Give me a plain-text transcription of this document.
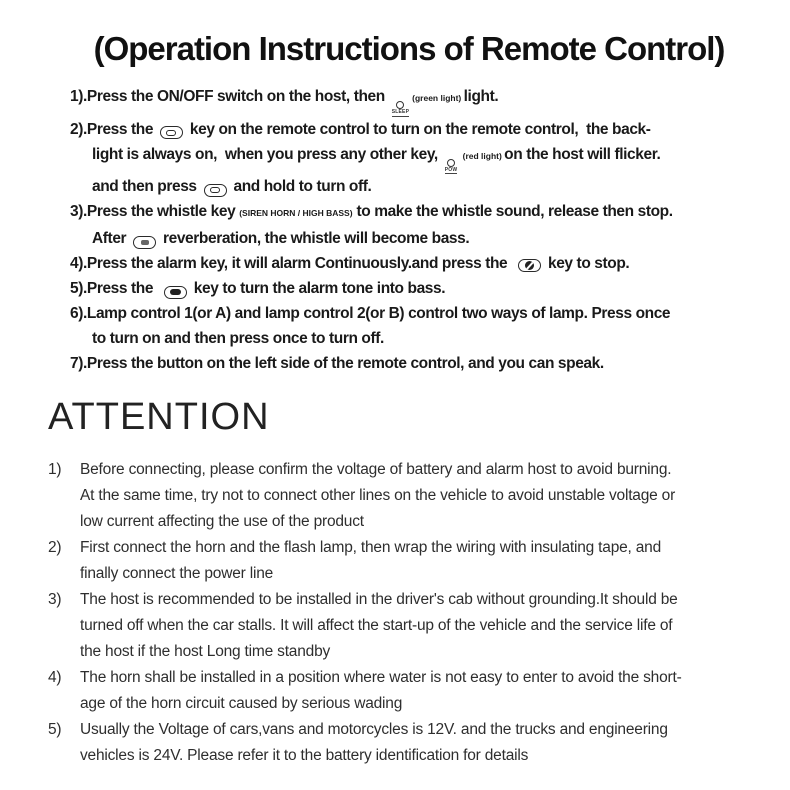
(Operation Instructions of Remote Control)
1).Press the ON/OFF switch on the host, then
SLEEP
(green light) light.
2).Press the
key on the remote control to turn on the remote control,  the back-
light is always on,  when you press any other key,
POW
(red light) on the host will flicker.
and then press
and hold to turn off.
3).Press the whistle key (SIREN HORN / HIGH BASS) to make the whistle sound, release then stop.
After
reverberation, the whistle will become bass.
4).Press the alarm key, it will alarm Continuously.and press the
key to stop.
5).Press the
key to turn the alarm tone into bass.
6).Lamp control 1(or A) and lamp control 2(or B) control two ways of lamp. Press once
to turn on and then press once to turn off.
7).Press the button on the left side of the remote control, and you can speak.
ATTENTION
1)	Before connecting, please confirm the voltage of battery and alarm host to avoid burning.
At the same time, try not to connect other lines on the vehicle to avoid unstable voltage or
low current affecting the use of the product
2)	First connect the horn and the flash lamp, then wrap the wiring with insulating tape, and
finally connect the power line
3)	The host is recommended to be installed in the driver's cab without grounding.It should be
turned off when the car stalls. It will affect the start-up of the vehicle and the service life of
the host if the host Long time standby
4)	The horn shall be installed in a position where water is not easy to enter to avoid the short-
age of the horn circuit caused by serious wading
5)	Usually the Voltage of cars,vans and motorcycles is 12V. and the trucks and engineering
vehicles is 24V. Please refer it to the battery identification for details
